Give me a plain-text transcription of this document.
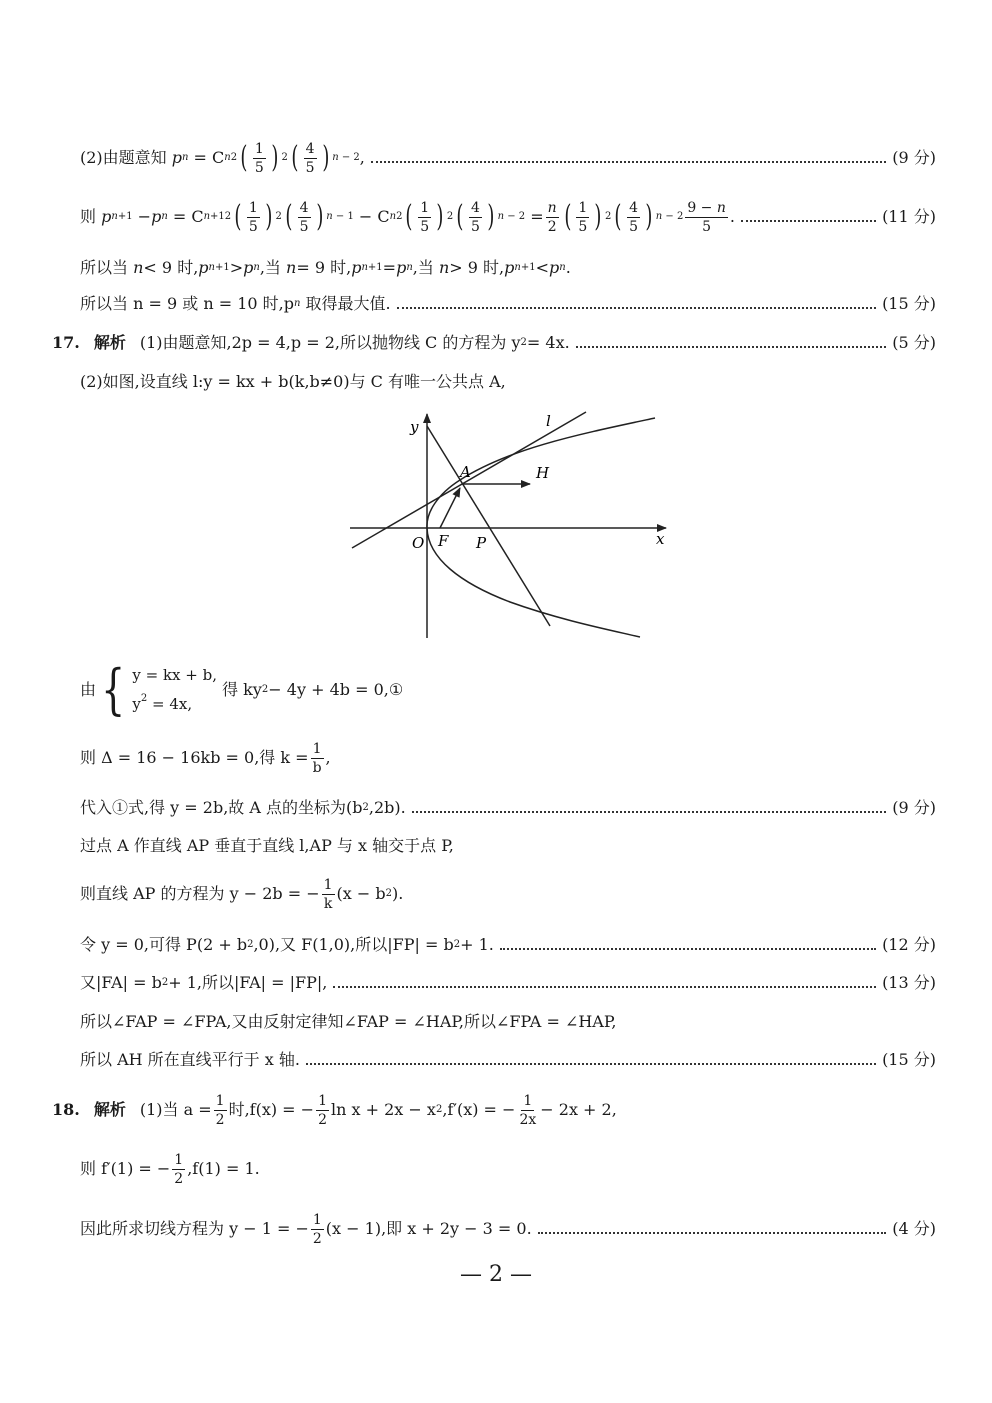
(2)由题意知
p n = C n 2 ( $\frac{1}{5}$ ) 2 ( $\frac{4}{5}$ ) n − 2 ,	(9 分)
则
p n+1 − p n = C n+1 2 ( $\frac{1}{5}$ ) 2 ( $\frac{4}{5}$ ) n − 1 − C n 2 ( $\frac{1}{5}$ ) 2 ( $\frac{4}{5}$ ) $n - 2 = \frac{n}{2}$ ( $\frac{1}{5}$ ) 2 ( $\frac{4}{5}$ ) $n - 2 \frac{9 - n}{5}$ .	(11 分)
所以当
n < 9 时, p n+1 > p n ,当
n = 9 时, p n+1 = p n ,当
n > 9 时, p n+1 < p n .
所以当 n = 9 或 n = 10 时,p n
取得最大值.	(15 分)
17. 解析 (1)由题意知,2p = 4,p = 2,所以抛物线 C 的方程为 y 2 = 4x.	(5 分)
(2)如图,设直线 l:y = kx + b(k,b≠0)与 C 有唯一公共点 A,
y
x
O F P
A	H
l
由 { y = kx + b,
$y^2 = 4x$,

得 ky 2 − 4y + 4b = 0,①
则 Δ = 16 − 16kb = 0,得 $k = \frac{1}{b}$ ,
代入①式,得 y = 2b,故 A 点的坐标为(b 2 ,2b).	(9 分)
过点 A 作直线 AP 垂直于直线 l,AP 与 x 轴交于点 P,
则直线 AP 的方程为 y − 2b = − $\frac{1}{k} (x - b$ 2 ).
令 y = 0,可得 P(2 + b 2 ,0),又 F(1,0),所以|FP| = b 2 + 1.	(12 分)
又|FA| = b 2 + 1,所以|FA| = |FP|,	(13 分)
所以∠FAP = ∠FPA,又由反射定律知∠FAP = ∠HAP,所以∠FPA = ∠HAP,
所以 AH 所在直线平行于 x 轴.	(15 分)
18. 解析 (1)当 $a = \frac{1}{2}$ 时,f(x) = − $\frac{1}{2}$ ln x + 2x − x 2 ,f′(x) = − $\frac{1}{2x} - 2x + 2$,
则 f′(1) = − $\frac{1}{2} ,f(1) = 1$.
因此所求切线方程为 y − 1 = − $\frac{1}{2} (x - 1)$,即 x + 2y − 3 = 0.	(4 分)
— 2 —
